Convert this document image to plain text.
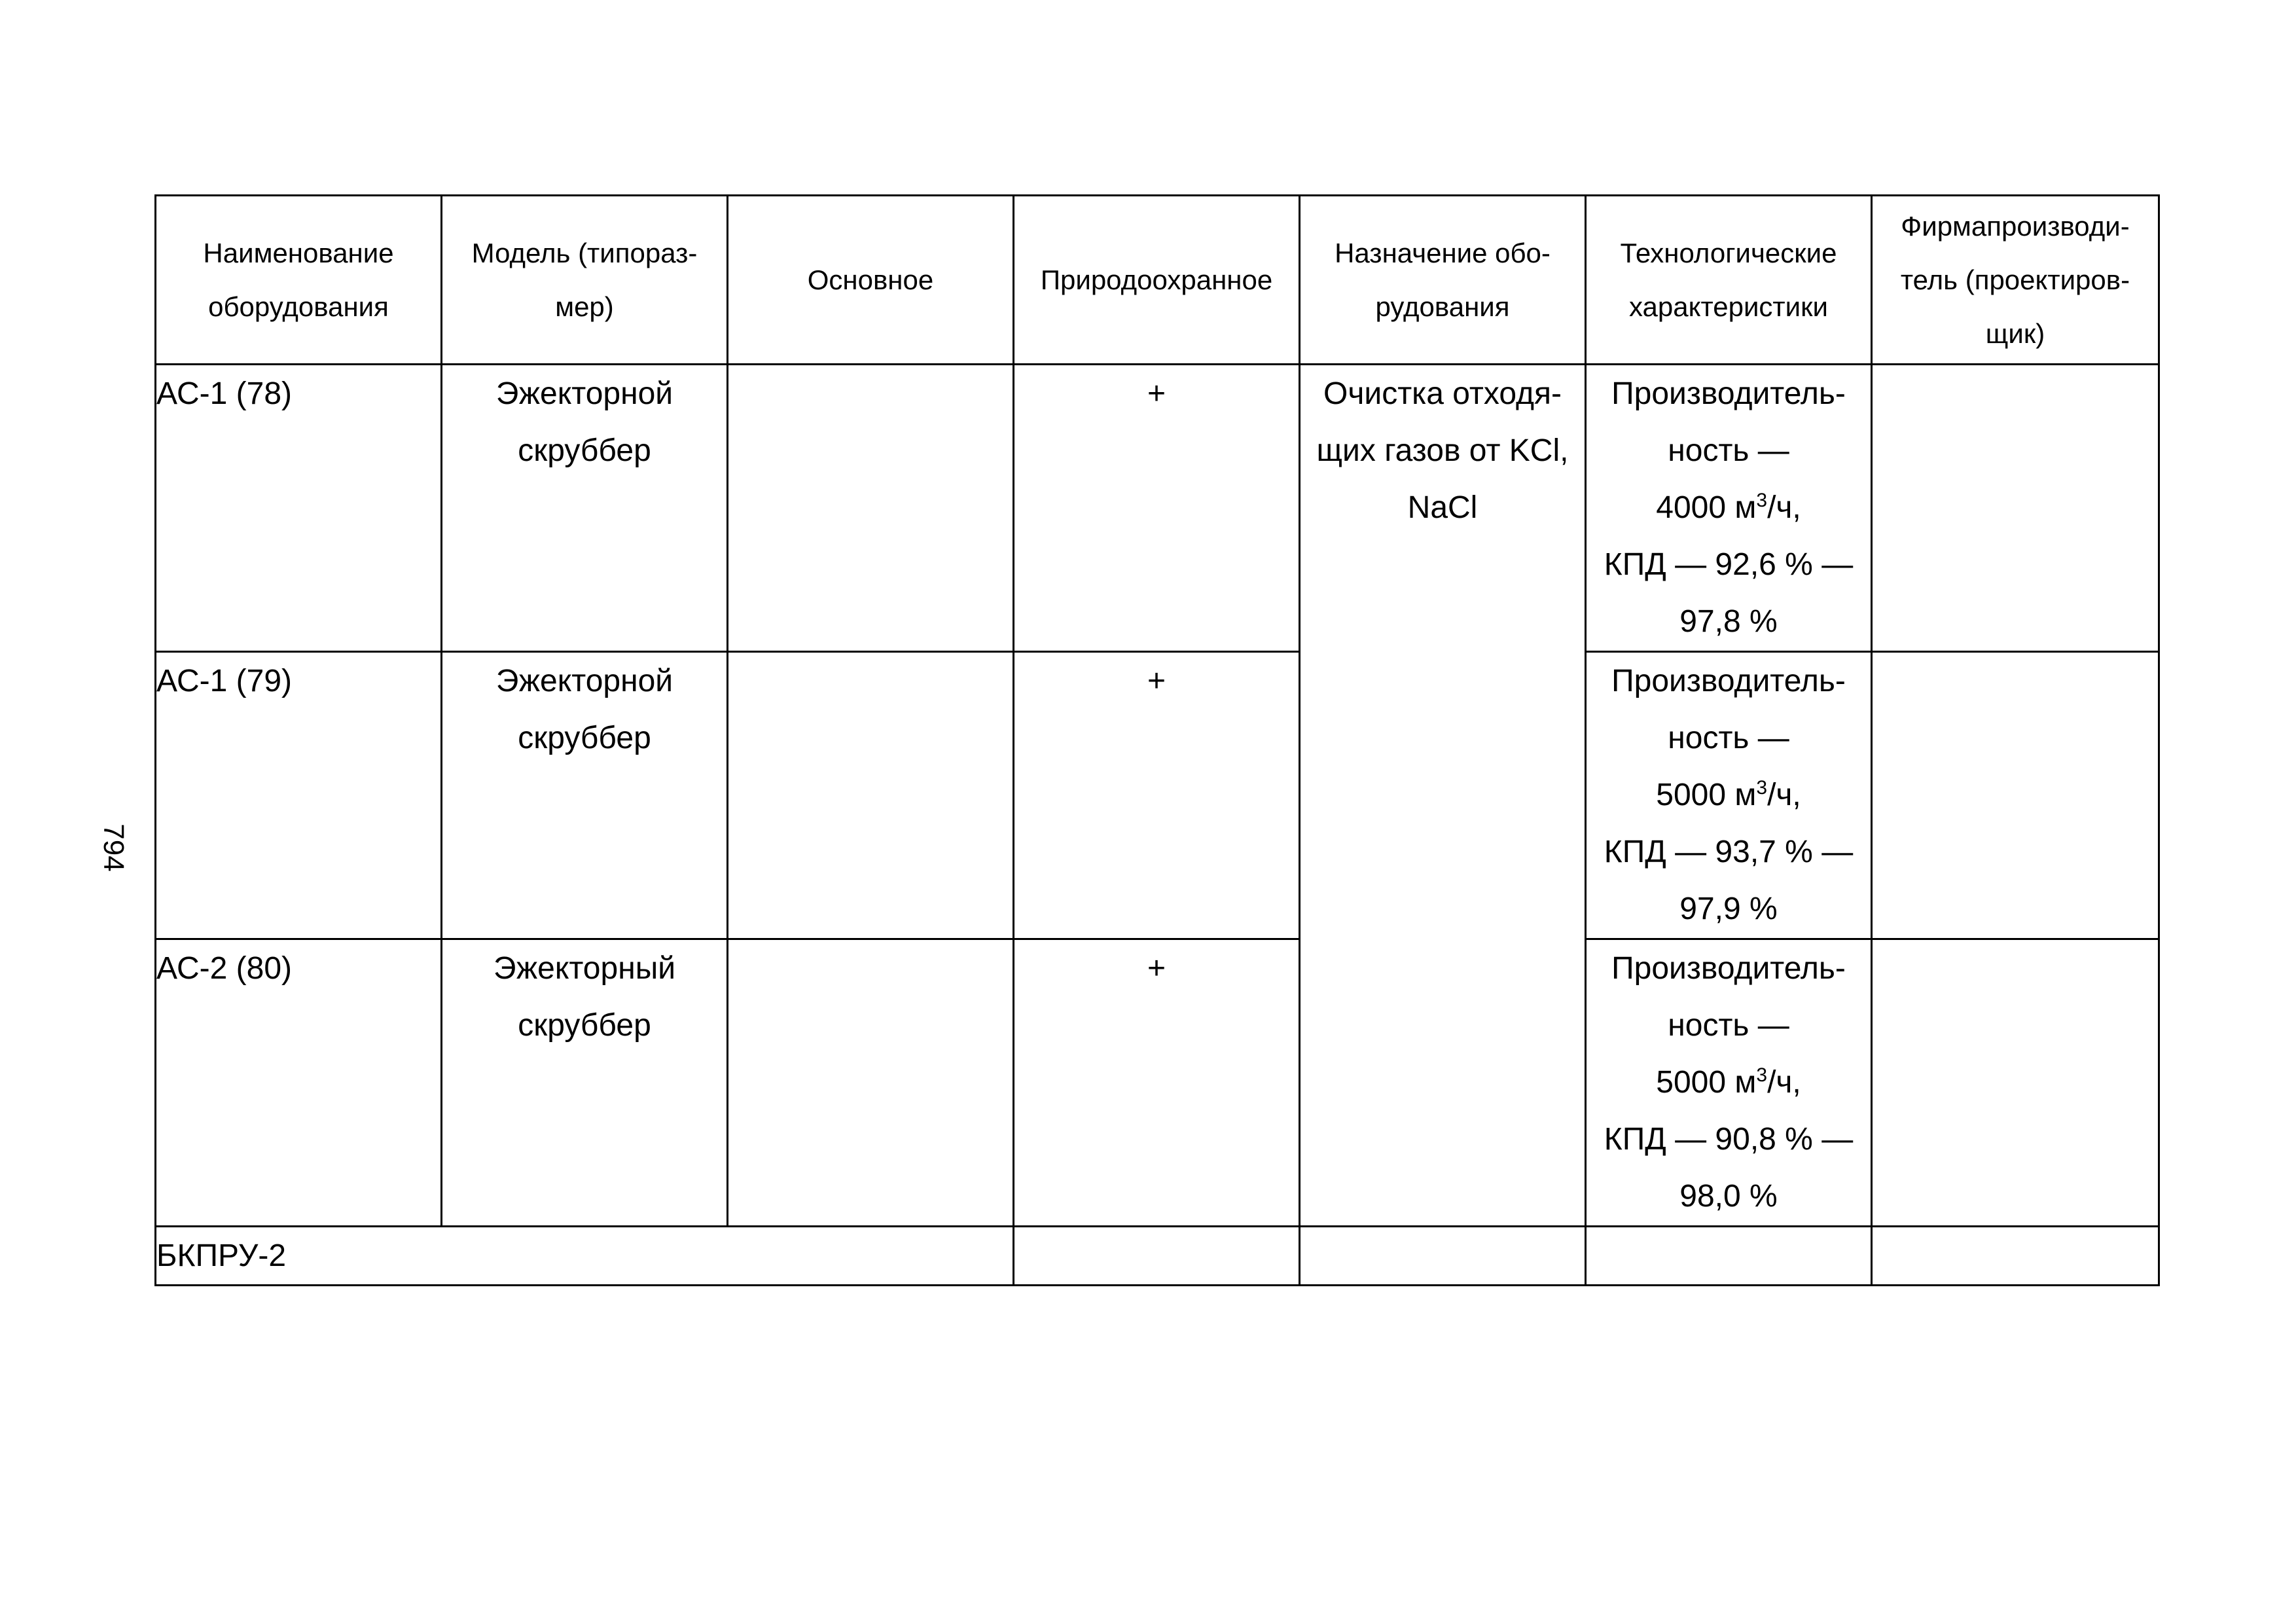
794
Наименование
оборудования	Модель (типораз-
мер)	Основное	Природоохранное	Назначение обо-
рудования	Технологические
характеристики	Фирмапроизводи-
тель (проектиров-
щик)

АС-1 (78)	Эжекторной
скруббер		+	Очистка отходя-
щих газов от KCl,
NaCl	Производитель-
ность —
4000 $м^3/ч$,
КПД — 92,6 % —
97,8 %	

АС-1 (79)	Эжекторной
скруббер		+		Производитель-
ность —
5000 $м^3/ч$,
КПД — 93,7 % —
97,9 %	

АС-2 (80)	Эжекторный
скруббер		+		Производитель-
ность —
5000 $м^3/ч$,
КПД — 90,8 % —
98,0 %	

БКПРУ-2						
